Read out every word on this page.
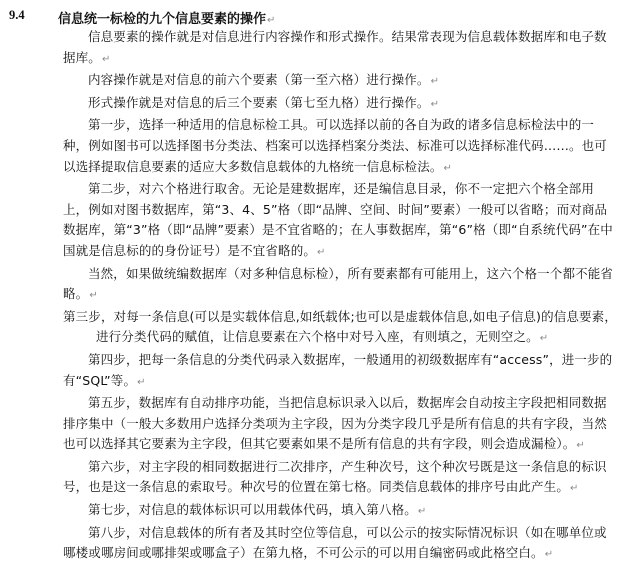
9.4	信息统一标检的九个信息要素的操作↵

信息要素的操作就是对信息进行内容操作和形式操作。结果常表现为信息载体数据库和电子数据库。↵

内容操作就是对信息的前六个要素（第一至六格）进行操作。↵

形式操作就是对信息的后三个要素（第七至九格）进行操作。↵

第一步，选择一种适用的信息标检工具。可以选择以前的各自为政的诸多信息标检法中的一种，例如图书可以选择图书分类法、档案可以选择档案分类法、标准可以选择标准代码……。也可以选择提取信息要素的适应大多数信息载体的九格统一信息标检法。↵

第二步，对六个格进行取舍。无论是建数据库，还是编信息目录，你不一定把六个格全部用上，例如对图书数据库，第“3、4、5”格（即“品牌、空间、时间”要素）一般可以省略；而对商品数据库，第“3”格（即“品牌”要素）是不宜省略的；在人事数据库，第“6”格（即“自系统代码”在中国就是信息标的的身份证号）是不宜省略的。↵

当然，如果做统编数据库（对多种信息标检），所有要素都有可能用上，这六个格一个都不能省略。↵

第三步，对每一条信息(可以是实载体信息,如纸载体;也可以是虚载体信息,如电子信息)的信息要素，进行分类代码的赋值，让信息要素在六个格中对号入座，有则填之，无则空之。↵

第四步，把每一条信息的分类代码录入数据库，一般通用的初级数据库有“access”，进一步的有“SQL”等。↵

第五步，数据库有自动排序功能，当把信息标识录入以后，数据库会自动按主字段把相同数据排序集中（一般大多数用户选择分类项为主字段，因为分类字段几乎是所有信息的共有字段，当然也可以选择其它要素为主字段，但其它要素如果不是所有信息的共有字段，则会造成漏检）。↵

第六步，对主字段的相同数据进行二次排序，产生种次号，这个种次号既是这一条信息的标识号，也是这一条信息的索取号。种次号的位置在第七格。同类信息载体的排序号由此产生。↵

第七步，对信息的载体标识可以用载体代码，填入第八格。↵

第八步，对信息载体的所有者及其时空位等信息，可以公示的按实际情况标识（如在哪单位或哪楼或哪房间或哪排架或哪盒子）在第九格，不可公示的可以用自编密码或此格空白。↵
